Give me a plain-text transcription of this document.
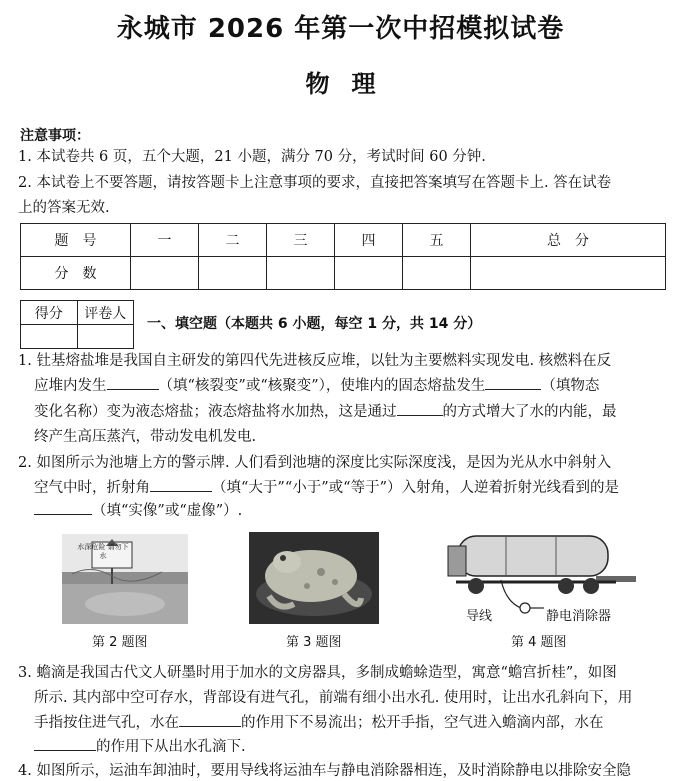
永城市 2026 年第一次中招模拟试卷
物理
注意事项：
1. 本试卷共 6 页，五个大题，21 小题，满分 70 分，考试时间 60 分钟.
2. 本试卷上不要答题，请按答题卡上注意事项的要求，直接把答案填写在答题卡上. 答在试卷
上的答案无效.
题　号	一	二	三	四	五	总　分
分　数						
得分	评卷人

一、填空题（本题共 6 小题，每空 1 分，共 14 分）
1. 钍基熔盐堆是我国自主研发的第四代先进核反应堆，以钍为主要燃料实现发电. 核燃料在反
应堆内发生	（填“核裂变”或“核聚变”），使堆内的固态熔盐发生	（填物态
变化名称）变为液态熔盐；液态熔盐将水加热，这是通过	的方式增大了水的内能，最
终产生高压蒸汽，带动发电机发电.
2. 如图所示为池塘上方的警示牌. 人们看到池塘的深度比实际深度浅，是因为光从水中斜射入
空气中时，折射角	（填“大于”“小于”或“等于”）入射角，人逆着折射光线看到的是
（填“实像”或“虚像”）.
水深危险 请勿下水
第 2 题图	第 3 题图
导线	静电消除器
第 4 题图
3. 蟾滴是我国古代文人研墨时用于加水的文房器具，多制成蟾蜍造型，寓意“蟾宫折桂”，如图
所示. 其内部中空可存水，背部设有进气孔，前端有细小出水孔. 使用时，让出水孔斜向下，用
手指按住进气孔，水在	的作用下不易流出；松开手指，空气进入蟾滴内部，水在
的作用下从出水孔滴下.
4. 如图所示，运油车卸油时，要用导线将运油车与静电消除器相连，及时消除静电以排除安全隐
